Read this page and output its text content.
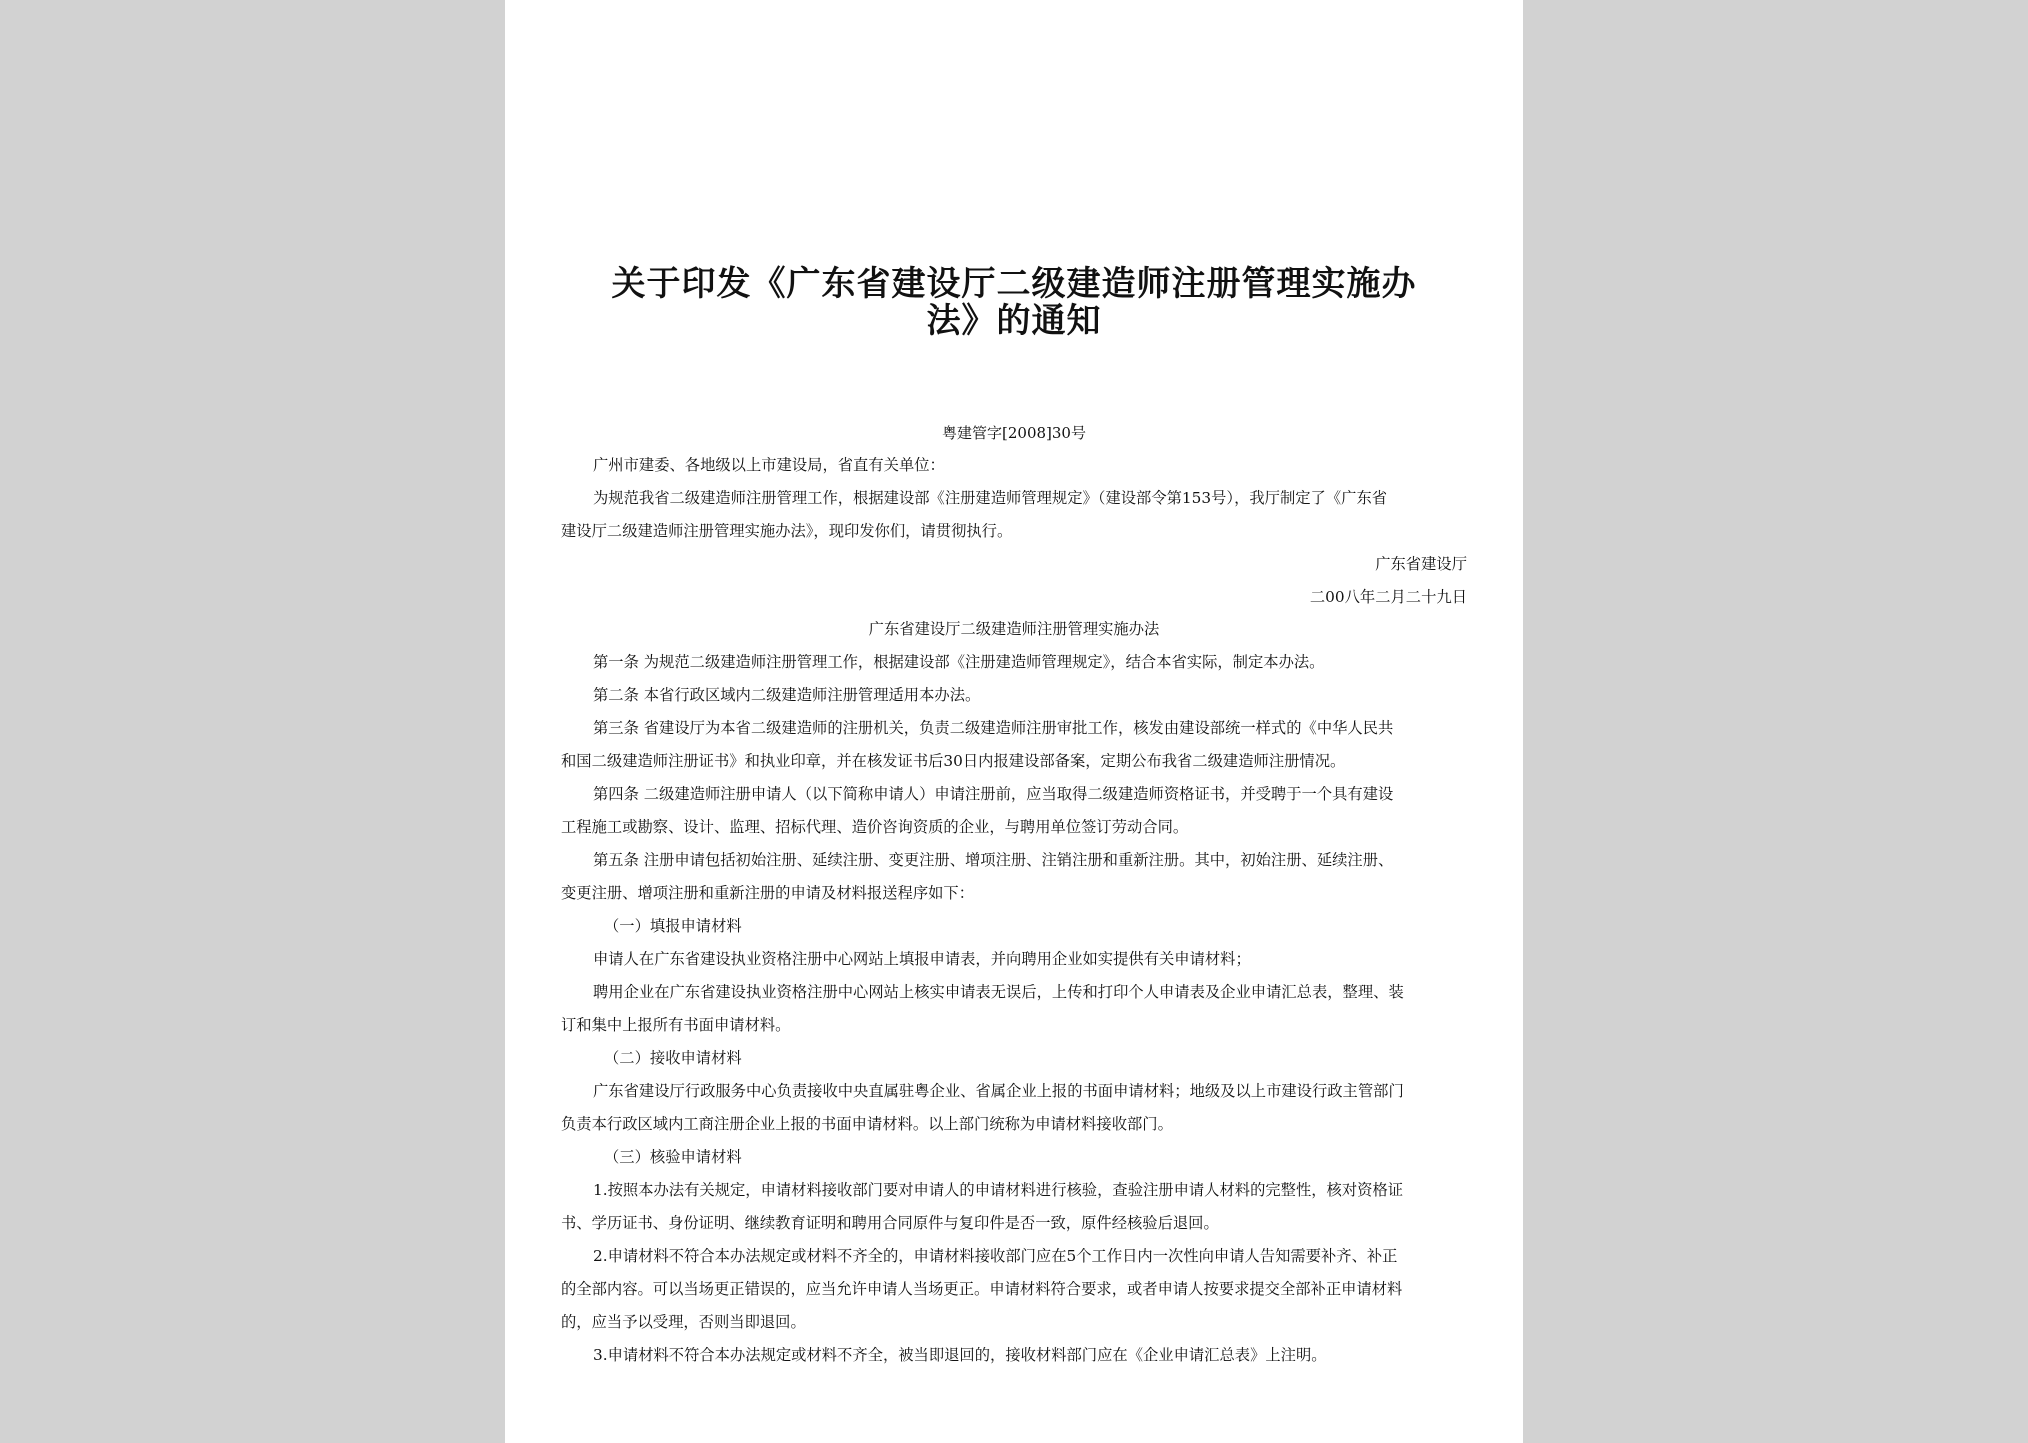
关于印发《广东省建设厅二级建造师注册管理实施办
法》的通知
粤建管字[2008]30号
广州市建委、各地级以上市建设局，省直有关单位：
为规范我省二级建造师注册管理工作，根据建设部《注册建造师管理规定》（建设部令第153号），我厅制定了《广东省
建设厅二级建造师注册管理实施办法》，现印发你们，请贯彻执行。
广东省建设厅
二00八年二月二十九日
广东省建设厅二级建造师注册管理实施办法
第一条 为规范二级建造师注册管理工作，根据建设部《注册建造师管理规定》，结合本省实际，制定本办法。
第二条 本省行政区域内二级建造师注册管理适用本办法。
第三条 省建设厅为本省二级建造师的注册机关，负责二级建造师注册审批工作，核发由建设部统一样式的《中华人民共
和国二级建造师注册证书》和执业印章，并在核发证书后30日内报建设部备案，定期公布我省二级建造师注册情况。
第四条 二级建造师注册申请人（以下简称申请人）申请注册前，应当取得二级建造师资格证书，并受聘于一个具有建设
工程施工或勘察、设计、监理、招标代理、造价咨询资质的企业，与聘用单位签订劳动合同。
第五条 注册申请包括初始注册、延续注册、变更注册、增项注册、注销注册和重新注册。其中，初始注册、延续注册、
变更注册、增项注册和重新注册的申请及材料报送程序如下：
（一）填报申请材料
申请人在广东省建设执业资格注册中心网站上填报申请表，并向聘用企业如实提供有关申请材料；
聘用企业在广东省建设执业资格注册中心网站上核实申请表无误后，上传和打印个人申请表及企业申请汇总表，整理、装
订和集中上报所有书面申请材料。
（二）接收申请材料
广东省建设厅行政服务中心负责接收中央直属驻粤企业、省属企业上报的书面申请材料；地级及以上市建设行政主管部门
负责本行政区域内工商注册企业上报的书面申请材料。以上部门统称为申请材料接收部门。
（三）核验申请材料
1.按照本办法有关规定，申请材料接收部门要对申请人的申请材料进行核验，查验注册申请人材料的完整性，核对资格证
书、学历证书、身份证明、继续教育证明和聘用合同原件与复印件是否一致，原件经核验后退回。
2.申请材料不符合本办法规定或材料不齐全的，申请材料接收部门应在5个工作日内一次性向申请人告知需要补齐、补正
的全部内容。可以当场更正错误的，应当允许申请人当场更正。申请材料符合要求，或者申请人按要求提交全部补正申请材料
的，应当予以受理，否则当即退回。
3.申请材料不符合本办法规定或材料不齐全，被当即退回的，接收材料部门应在《企业申请汇总表》上注明。
